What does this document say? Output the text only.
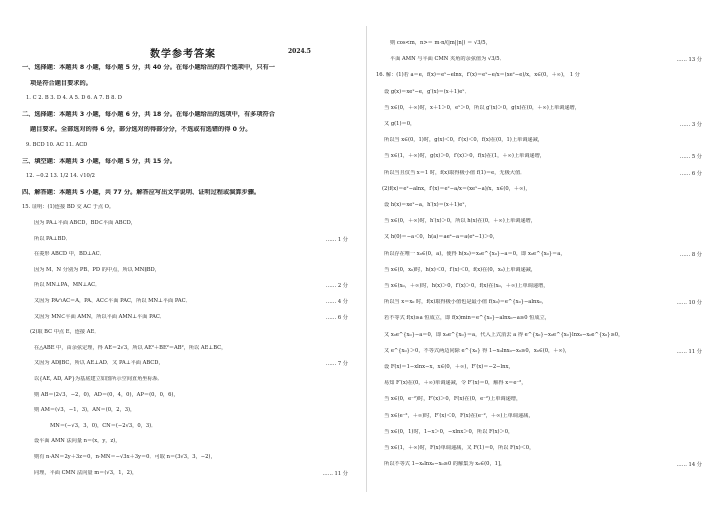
数学参考答案	2024.5
一、选择题：本题共 8 小题，每小题 5 分，共 40 分。在每小题给出的四个选项中，只有一
项是符合题目要求的。
1. C 2. B 3. D 4. A 5. D 6. A 7. B 8. D
二、选择题：本题共 3 小题，每小题 6 分，共 18 分。在每小题给出的选项中，有多项符合
题目要求。全部选对的得 6 分，部分选对的得部分分，不选或有选错的得 0 分。
9. BCD 10. AC 11. ACD
三、填空题：本题共 3 小题，每小题 5 分，共 15 分。
12. −0.2 13. 1/2 14. √10/2
四、解答题：本题共 5 小题，共 77 分。解答应写出文字说明、证明过程或演算步骤。
15. 证明：(1)连接 BD 交 AC 于点 O。
因为 PA⊥平面 ABCD，BD⊂平面 ABCD，
所以 PA⊥BD．	…… 1 分
在菱形 ABCD 中，BD⊥AC．
因为 M、N 分别为 PB、PD 的中点，所以 MN∥BD，
所以 MN⊥PA，MN⊥AC．	…… 2 分
又因为 PA∩AC＝A，PA、AC⊂平面 PAC，所以 MN⊥平面 PAC．	…… 4 分
又因为 MN⊂平面 AMN，所以平面 AMN⊥平面 PAC．	…… 6 分
(2)取 BC 中点 E，连接 AE．
在△ABE 中，由余弦定理，得 AE＝2√3，所以 AE²＋BE²＝AB²，所以 AE⊥BC，
又因为 AD∥BC，所以 AE⊥AD．又 PA⊥平面 ABCD，	…… 7 分
以{AE, AD, AP}为基底建立如图所示空间直角坐标系．
则 AB＝(2√3，−2，0)，AD＝(0，4，0)，AP＝(0，0，6)，
则 AM＝(√3，−1，3)，AN＝(0，2，3)，
MN＝(−√3，3，0)，CN＝(−2√3，0，3)．
设平面 AMN 法向量 n＝(x，y，z)，
则有 n·AN＝2y＋3z＝0，n·MN＝−√3x＋3y＝0．可取 n＝(3√3，3，−2)，
同理，平面 CMN 法向量 m＝(√3，1，2)，	…… 11 分
则 cos<m，n>＝ m·n/(|m||n|) ＝ √3/5，
平面 AMN 与平面 CMN 夹角的余弦值为 √3/5．	…… 13 分
16. 解：(1)若 a＝e，f(x)＝eˣ−elnx，f′(x)＝eˣ−e/x＝(xeˣ−e)/x，x∈(0，＋∞)， 1 分
设 g(x)＝xeˣ−e，g′(x)＝(x＋1)eˣ．
当 x∈(0，＋∞)时，x＋1＞0，eˣ＞0，所以 g′(x)＞0，g(x)在(0，＋∞)上单调递增，
又 g(1)＝0，	…… 3 分
所以当 x∈(0，1)时，g(x)＜0，f′(x)＜0，f(x)在(0，1)上单调递减，
当 x∈(1，＋∞)时，g(x)＞0，f′(x)＞0，f(x)在(1，＋∞)上单调递增，	…… 5 分
所以当且仅当 x＝1 时，f(x)取得极小值 f(1)＝e，无极大值．	…… 6 分
(2)f(x)＝eˣ−alnx，f′(x)＝eˣ−a/x＝(xeˣ−a)/x，x∈(0，＋∞)，
设 h(x)＝xeˣ−a，h′(x)＝(x＋1)eˣ，
当 x∈(0，＋∞)时，h′(x)＞0，所以 h(x)在(0，＋∞)上单调递增，
又 h(0)＝−a＜0，h(a)＝aeᵃ−a＝a(eᵃ−1)＞0，
所以存在唯一 x₀∈(0，a)，使得 h(x₀)＝x₀e^{x₀}−a＝0，即 x₀e^{x₀}＝a，	…… 8 分
当 x∈(0，x₀)时，h(x)＜0，f′(x)＜0，f(x)在(0，x₀)上单调递减，
当 x∈(x₀，＋∞)时，h(x)＞0，f′(x)＞0，f(x)在(x₀，＋∞)上单调递增，
所以当 x＝x₀ 时，f(x)取得极小值也是最小值 f(x₀)＝e^{x₀}−alnx₀，	…… 10 分
若不等式 f(x)≥a 恒成立，即 f(x)min＝e^{x₀}−alnx₀−a≥0 恒成立，
又 x₀e^{x₀}−a＝0，即 x₀e^{x₀}＝a，代入上式消去 a 得 e^{x₀}−x₀e^{x₀}lnx₀−x₀e^{x₀}≥0，
又 e^{x₀}＞0，不等式两边同除 e^{x₀} 得 1−x₀lnx₀−x₀≥0，x₀∈(0，＋∞)，	…… 11 分
设 F(x)＝1−xlnx−x，x∈(0，＋∞)，F′(x)＝−2−lnx，
易知 F′(x)在(0，＋∞)单调递减，令 F′(x)＝0，解得 x＝e⁻²，
当 x∈(0，e⁻²)时，F′(x)＞0，F(x)在(0，e⁻²)上单调递增，
当 x∈(e⁻²，＋∞)时，F′(x)＜0，F(x)在(e⁻²，＋∞)上单调递减，
当 x∈(0，1)时，1−x＞0，−xlnx＞0，所以 F(x)＞0，
当 x∈(1，＋∞)时，F(x)单调递减，又 F(1)＝0，所以 F(x)＜0，
所以不等式 1−x₀lnx₀−x₀≥0 的解集为 x₀∈(0，1]，	…… 14 分
